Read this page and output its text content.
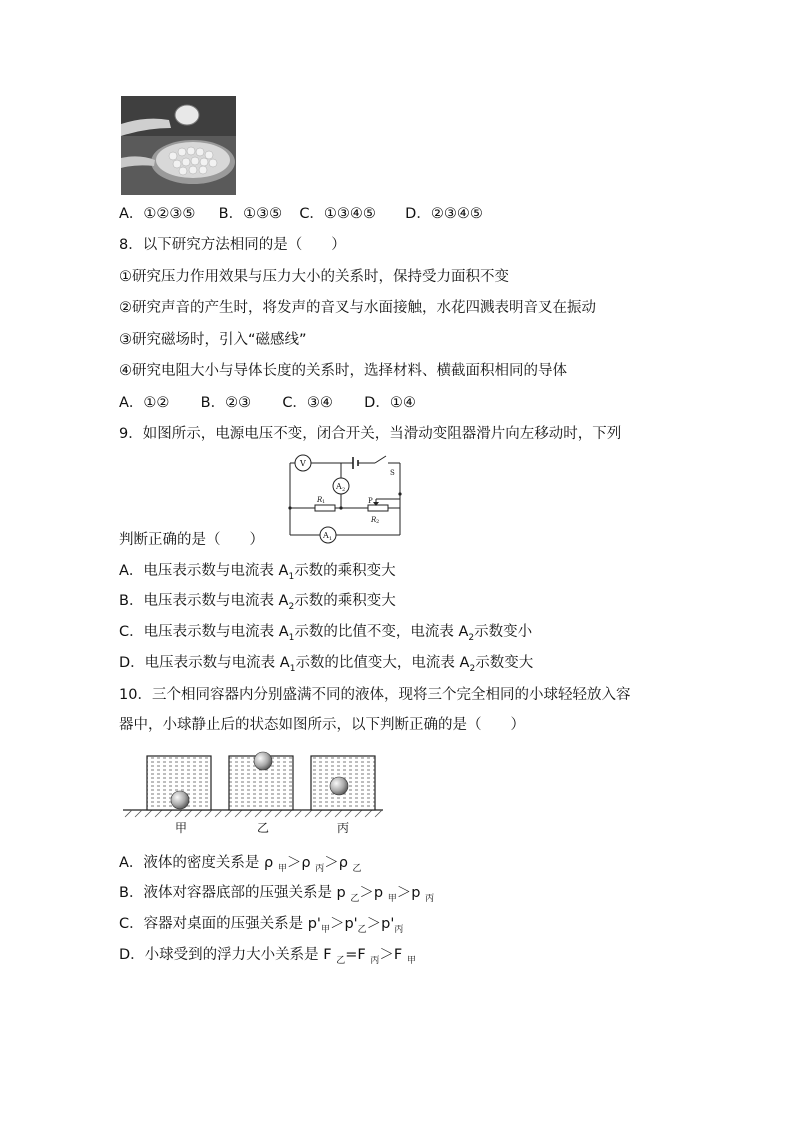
A．①②③⑤ B．①③⑤ C．①③④⑤ D．②③④⑤
8．以下研究方法相同的是（　　）
①研究压力作用效果与压力大小的关系时，保持受力面积不变
②研究声音的产生时，将发声的音叉与水面接触，水花四溅表明音叉在振动
③研究磁场时，引入“磁感线”
④研究电阻大小与导体长度的关系时，选择材料、横截面积相同的导体
A．①② B．②③ C．③④ D．①④
9．如图所示，电源电压不变，闭合开关，当滑动变阻器滑片向左移动时，下列
V
A 2
A 1
S
R 1
R 2
P
判断正确的是（　　）
A．电压表示数与电流表 $A_1$示数的乘积变大
B．电压表示数与电流表 $A_2$示数的乘积变大
C．电压表示数与电流表 $A_1$示数的比值不变，电流表 $A_2$示数变小
D．电压表示数与电流表 $A_1$示数的比值变大，电流表 $A_2$示数变大
10．三个相同容器内分别盛满不同的液体，现将三个完全相同的小球轻轻放入容
器中，小球静止后的状态如图所示，以下判断正确的是（　　）
甲	乙	丙
A．液体的密度关系是 ρ $_甲$＞ρ $_丙$＞ρ $_乙$
B．液体对容器底部的压强关系是 p $_乙$＞p $_甲$＞p $_丙$
C．容器对桌面的压强关系是 $p'_甲>p'_乙>p'_丙$
D．小球受到的浮力大小关系是 F $_乙$=F $_丙$＞F $_甲$
